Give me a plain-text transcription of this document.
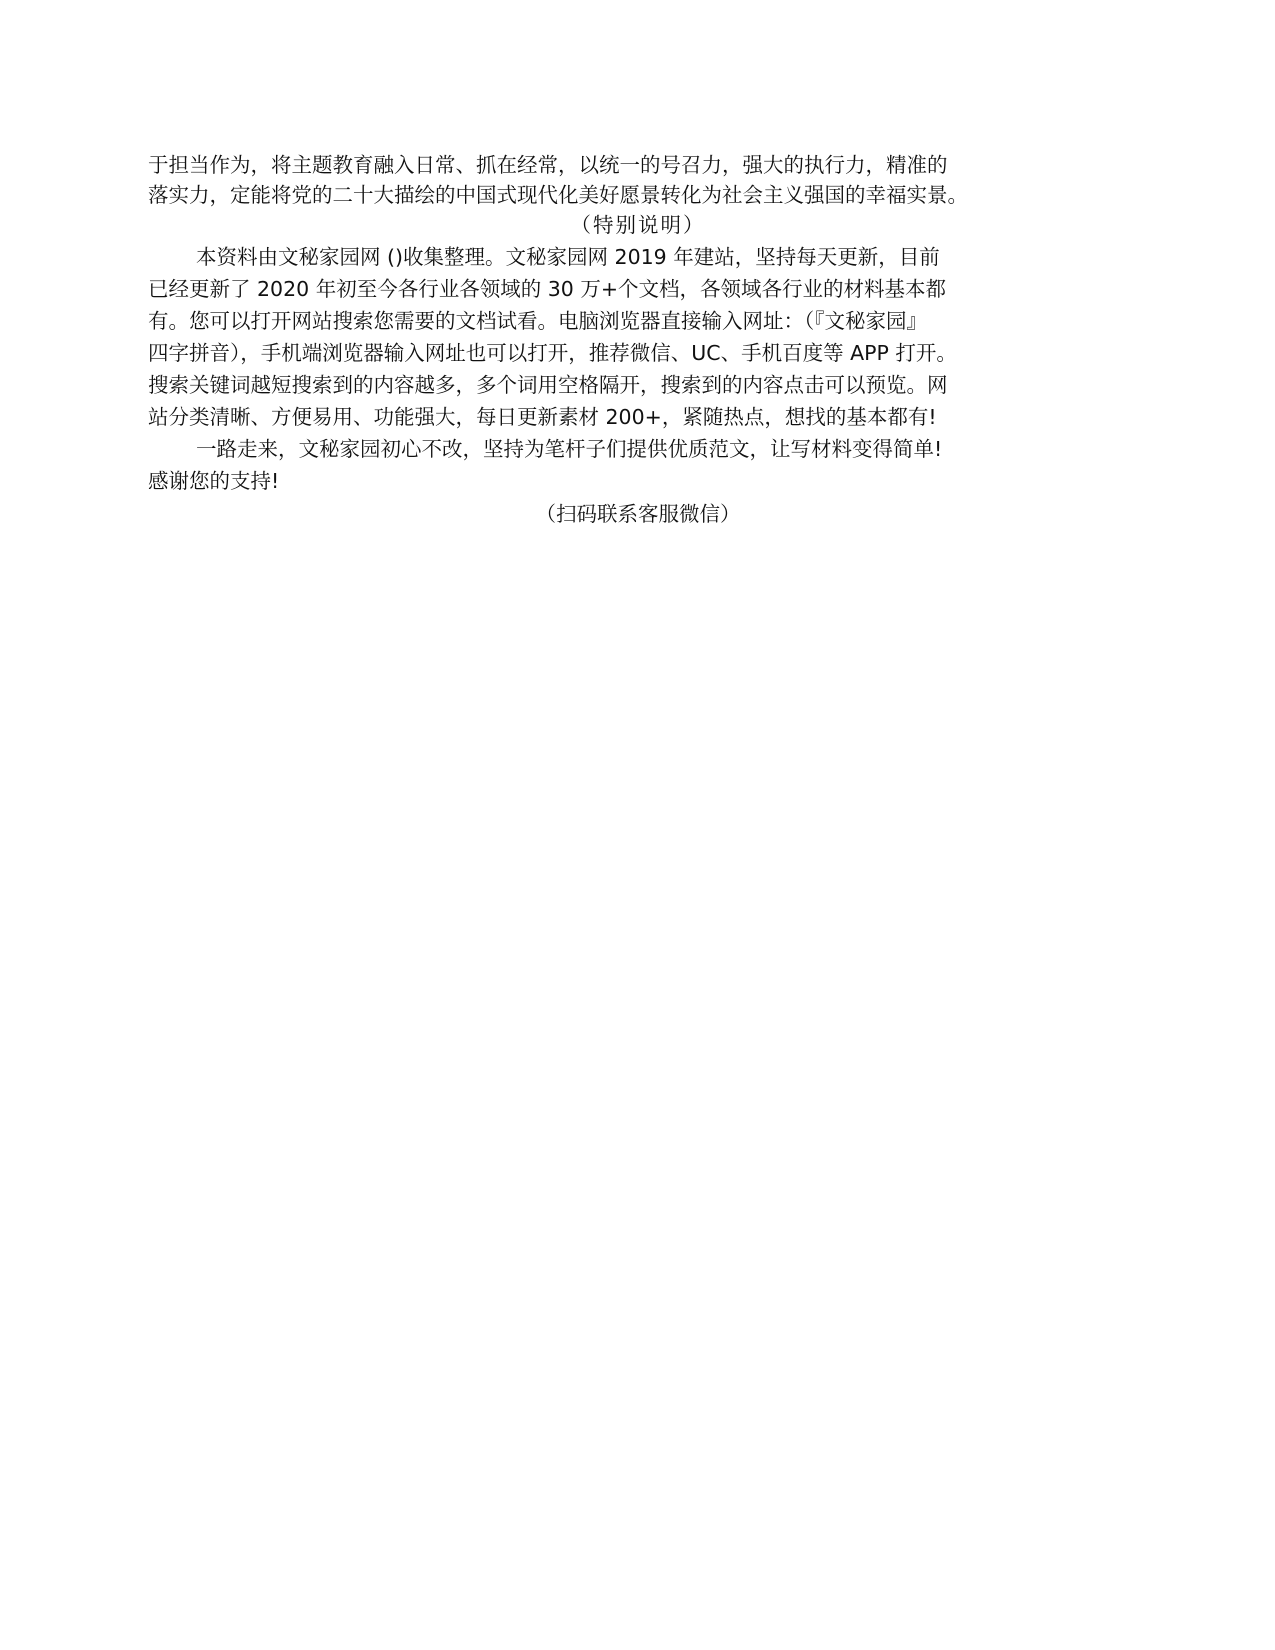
于担当作为，将主题教育融入日常、抓在经常，以统一的号召力，强大的执行力，精准的

落实力，定能将党的二十大描绘的中国式现代化美好愿景转化为社会主义强国的幸福实景。

（特别说明）

本资料由文秘家园网 ()收集整理。文秘家园网 2019 年建站，坚持每天更新，目前

已经更新了 2020 年初至今各行业各领域的 30 万+个文档，各领域各行业的材料基本都

有。您可以打开网站搜索您需要的文档试看。电脑浏览器直接输入网址：（『文秘家园』

四字拼音），手机端浏览器输入网址也可以打开，推荐微信、UC、手机百度等 APP 打开。

搜索关键词越短搜索到的内容越多，多个词用空格隔开，搜索到的内容点击可以预览。网

站分类清晰、方便易用、功能强大，每日更新素材 200+，紧随热点，想找的基本都有!

一路走来，文秘家园初心不改，坚持为笔杆子们提供优质范文，让写材料变得简单!

感谢您的支持!

（扫码联系客服微信）
